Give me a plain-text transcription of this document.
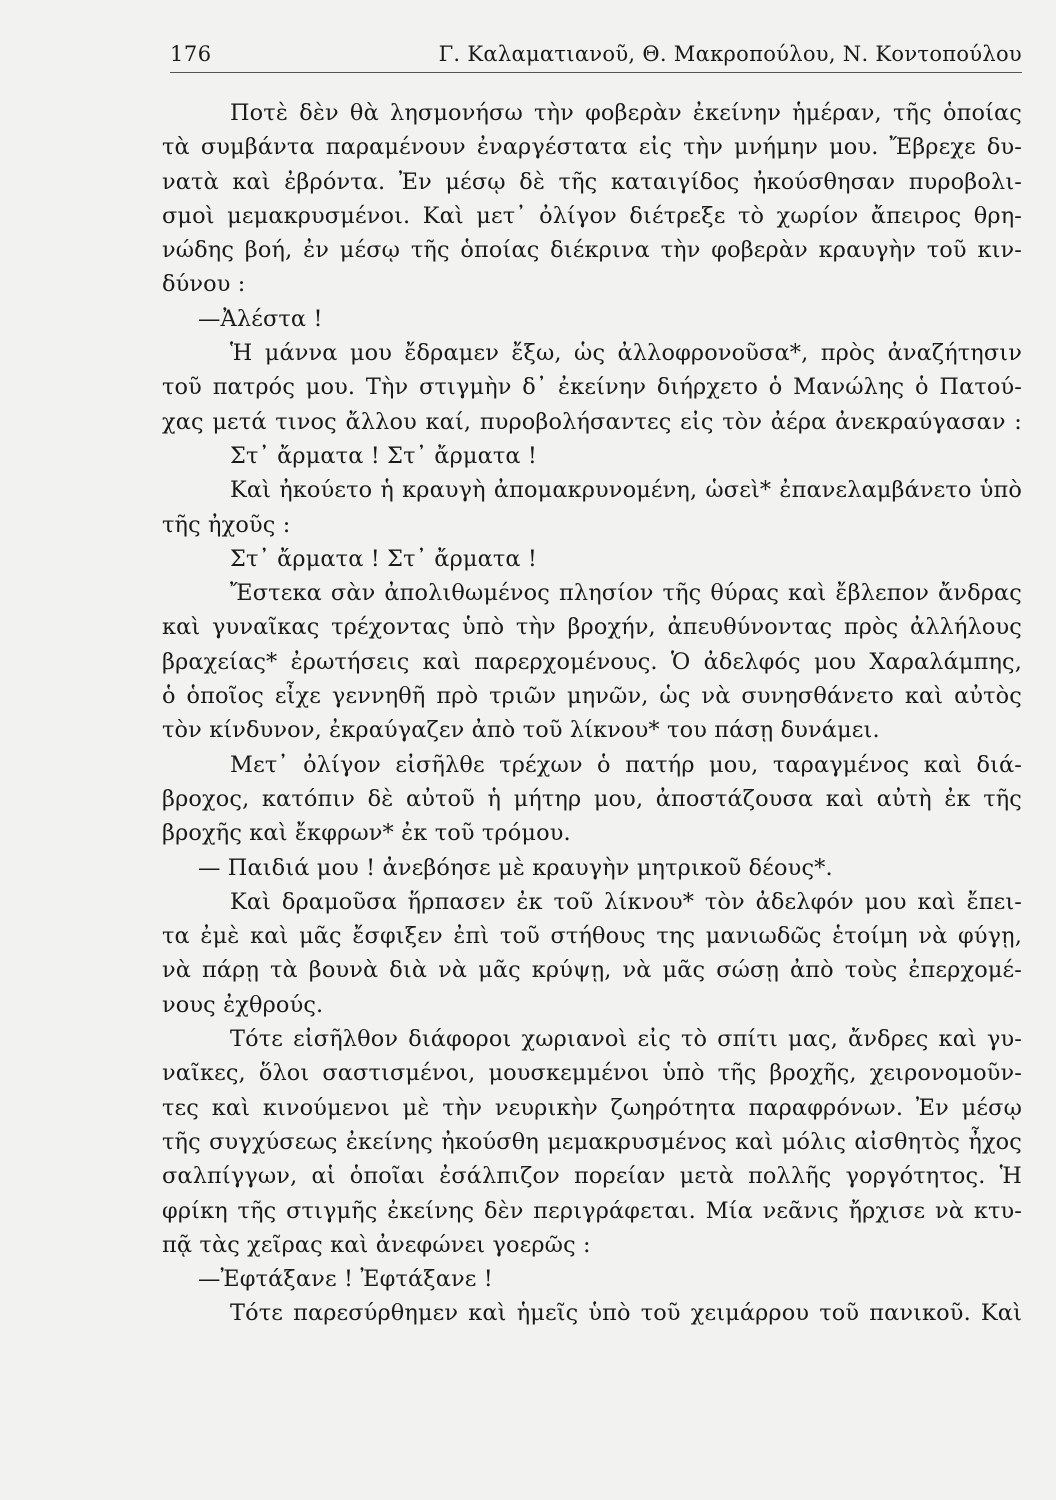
176	Γ. Καλαματιανοῦ, Θ. Μακροπούλου, Ν. Κοντοπούλου
Ποτὲ δὲν θὰ λησμονήσω τὴν φοβερὰν ἐκείνην ἡμέραν, τῆς ὁποίας
τὰ συμβάντα παραμένουν ἐναργέστατα εἰς τὴν μνήμην μου. Ἔβρεχε δυ-
νατὰ καὶ ἐβρόντα. Ἐν μέσῳ δὲ τῆς καταιγίδος ἠκούσθησαν πυροβολι-
σμοὶ μεμακρυσμένοι. Καὶ μετ᾿ ὀλίγον διέτρεξε τὸ χωρίον ἄπειρος θρη-
νώδης βοή, ἐν μέσῳ τῆς ὁποίας διέκρινα τὴν φοβερὰν κραυγὴν τοῦ κιν-
δύνου :
—Ἀλέστα !
Ἡ μάννα μου ἔδραμεν ἔξω, ὡς ἀλλοφρονοῦσα*, πρὸς ἀναζήτησιν
τοῦ πατρός μου. Τὴν στιγμὴν δ᾿ ἐκείνην διήρχετο ὁ Μανώλης ὁ Πατού-
χας μετά τινος ἄλλου καί, πυροβολήσαντες εἰς τὸν ἀέρα ἀνεκραύγασαν :
Στ᾿ ἄρματα ! Στ᾿ ἄρματα !
Καὶ ἠκούετο ἡ κραυγὴ ἀπομακρυνομένη, ὡσεὶ* ἐπανελαμβάνετο ὑπὸ
τῆς ἠχοῦς :
Στ᾿ ἄρματα ! Στ᾿ ἄρματα !
Ἔστεκα σὰν ἀπολιθωμένος πλησίον τῆς θύρας καὶ ἔβλεπον ἄνδρας
καὶ γυναῖκας τρέχοντας ὑπὸ τὴν βροχήν, ἀπευθύνοντας πρὸς ἀλλήλους
βραχείας* ἐρωτήσεις καὶ παρερχομένους. Ὁ ἀδελφός μου Χαραλάμπης,
ὁ ὁποῖος εἶχε γεννηθῆ πρὸ τριῶν μηνῶν, ὡς νὰ συνησθάνετο καὶ αὐτὸς
τὸν κίνδυνον, ἐκραύγαζεν ἀπὸ τοῦ λίκνου* του πάσῃ δυνάμει.
Μετ᾿ ὀλίγον εἰσῆλθε τρέχων ὁ πατήρ μου, ταραγμένος καὶ διά-
βροχος, κατόπιν δὲ αὐτοῦ ἡ μήτηρ μου, ἀποστάζουσα καὶ αὐτὴ ἐκ τῆς
βροχῆς καὶ ἔκφρων* ἐκ τοῦ τρόμου.
— Παιδιά μου ! ἀνεβόησε μὲ κραυγὴν μητρικοῦ δέους*.
Καὶ δραμοῦσα ἥρπασεν ἐκ τοῦ λίκνου* τὸν ἀδελφόν μου καὶ ἔπει-
τα ἐμὲ καὶ μᾶς ἔσφιξεν ἐπὶ τοῦ στήθους της μανιωδῶς ἑτοίμη νὰ φύγῃ,
νὰ πάρῃ τὰ βουνὰ διὰ νὰ μᾶς κρύψῃ, νὰ μᾶς σώσῃ ἀπὸ τοὺς ἐπερχομέ-
νους ἐχθρούς.
Τότε εἰσῆλθον διάφοροι χωριανοὶ εἰς τὸ σπίτι μας, ἄνδρες καὶ γυ-
ναῖκες, ὅλοι σαστισμένοι, μουσκεμμένοι ὑπὸ τῆς βροχῆς, χειρονομοῦν-
τες καὶ κινούμενοι μὲ τὴν νευρικὴν ζωηρότητα παραφρόνων. Ἐν μέσῳ
τῆς συγχύσεως ἐκείνης ἠκούσθη μεμακρυσμένος καὶ μόλις αἰσθητὸς ἦχος
σαλπίγγων, αἱ ὁποῖαι ἐσάλπιζον πορείαν μετὰ πολλῆς γοργότητος. Ἡ
φρίκη τῆς στιγμῆς ἐκείνης δὲν περιγράφεται. Μία νεᾶνις ἤρχισε νὰ κτυ-
πᾷ τὰς χεῖρας καὶ ἀνεφώνει γοερῶς :
—Ἐφτάξανε ! Ἐφτάξανε !
Τότε παρεσύρθημεν καὶ ἡμεῖς ὑπὸ τοῦ χειμάρρου τοῦ πανικοῦ. Καὶ
